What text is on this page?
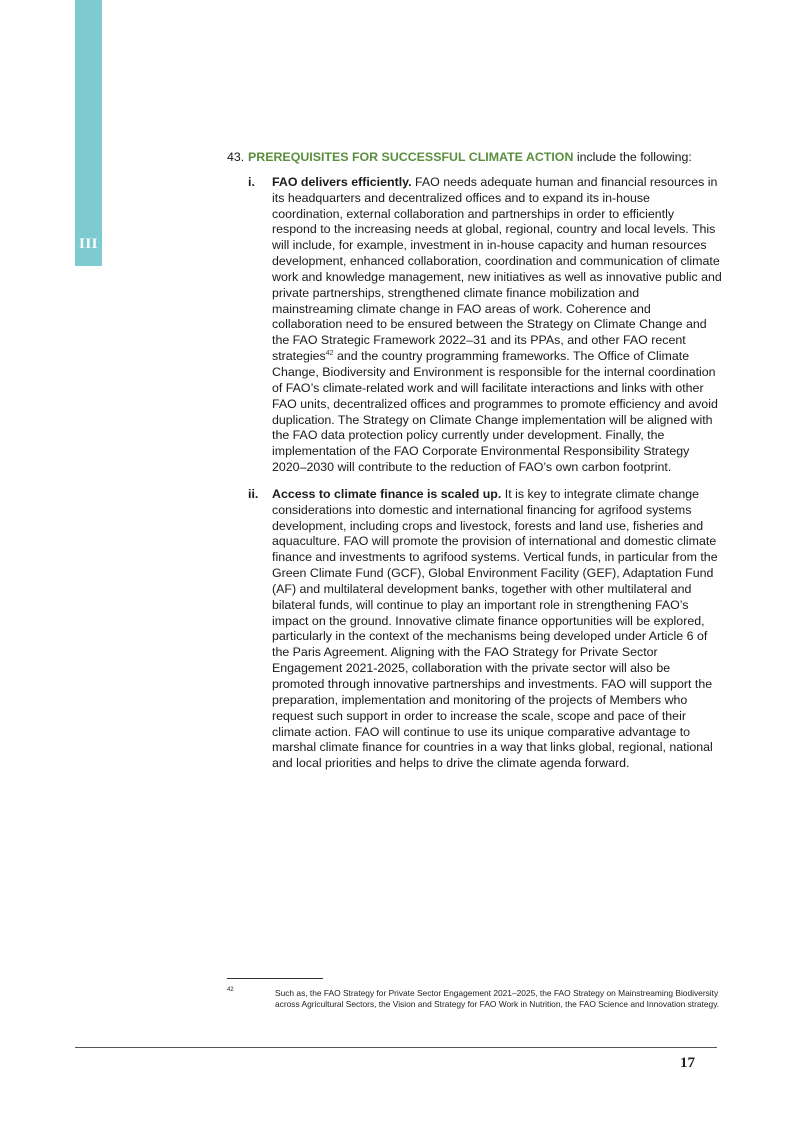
III

43. PREREQUISITES FOR SUCCESSFUL CLIMATE ACTION include the following:

i. FAO delivers efficiently. FAO needs adequate human and financial resources in its headquarters and decentralized offices and to expand its in-house coordination, external collaboration and partnerships in order to efficiently respond to the increasing needs at global, regional, country and local levels. This will include, for example, investment in in-house capacity and human resources development, enhanced collaboration, coordination and communication of climate work and knowledge management, new initiatives as well as innovative public and private partnerships, strengthened climate finance mobilization and mainstreaming climate change in FAO areas of work. Coherence and collaboration need to be ensured between the Strategy on Climate Change and the FAO Strategic Framework 2022–31 and its PPAs, and other FAO recent strategies$^{42}$ and the country programming frameworks. The Office of Climate Change, Biodiversity and Environment is responsible for the internal coordination of FAO’s climate-related work and will facilitate interactions and links with other FAO units, decentralized offices and programmes to promote efficiency and avoid duplication. The Strategy on Climate Change implementation will be aligned with the FAO data protection policy currently under development. Finally, the implementation of the FAO Corporate Environmental Responsibility Strategy 2020–2030 will contribute to the reduction of FAO’s own carbon footprint.

ii. Access to climate finance is scaled up. It is key to integrate climate change considerations into domestic and international financing for agrifood systems development, including crops and livestock, forests and land use, fisheries and aquaculture. FAO will promote the provision of international and domestic climate finance and investments to agrifood systems. Vertical funds, in particular from the Green Climate Fund (GCF), Global Environment Facility (GEF), Adaptation Fund (AF) and multilateral development banks, together with other multilateral and bilateral funds, will continue to play an important role in strengthening FAO’s impact on the ground. Innovative climate finance opportunities will be explored, particularly in the context of the mechanisms being developed under Article 6 of the Paris Agreement. Aligning with the FAO Strategy for Private Sector Engagement 2021-2025, collaboration with the private sector will also be promoted through innovative partnerships and investments. FAO will support the preparation, implementation and monitoring of the projects of Members who request such support in order to increase the scale, scope and pace of their climate action. FAO will continue to use its unique comparative advantage to marshal climate finance for countries in a way that links global, regional, national and local priorities and helps to drive the climate agenda forward.

42	Such as, the FAO Strategy for Private Sector Engagement 2021–2025, the FAO Strategy on Mainstreaming Biodiversity across Agricultural Sectors, the Vision and Strategy for FAO Work in Nutrition, the FAO Science and Innovation strategy.

17
